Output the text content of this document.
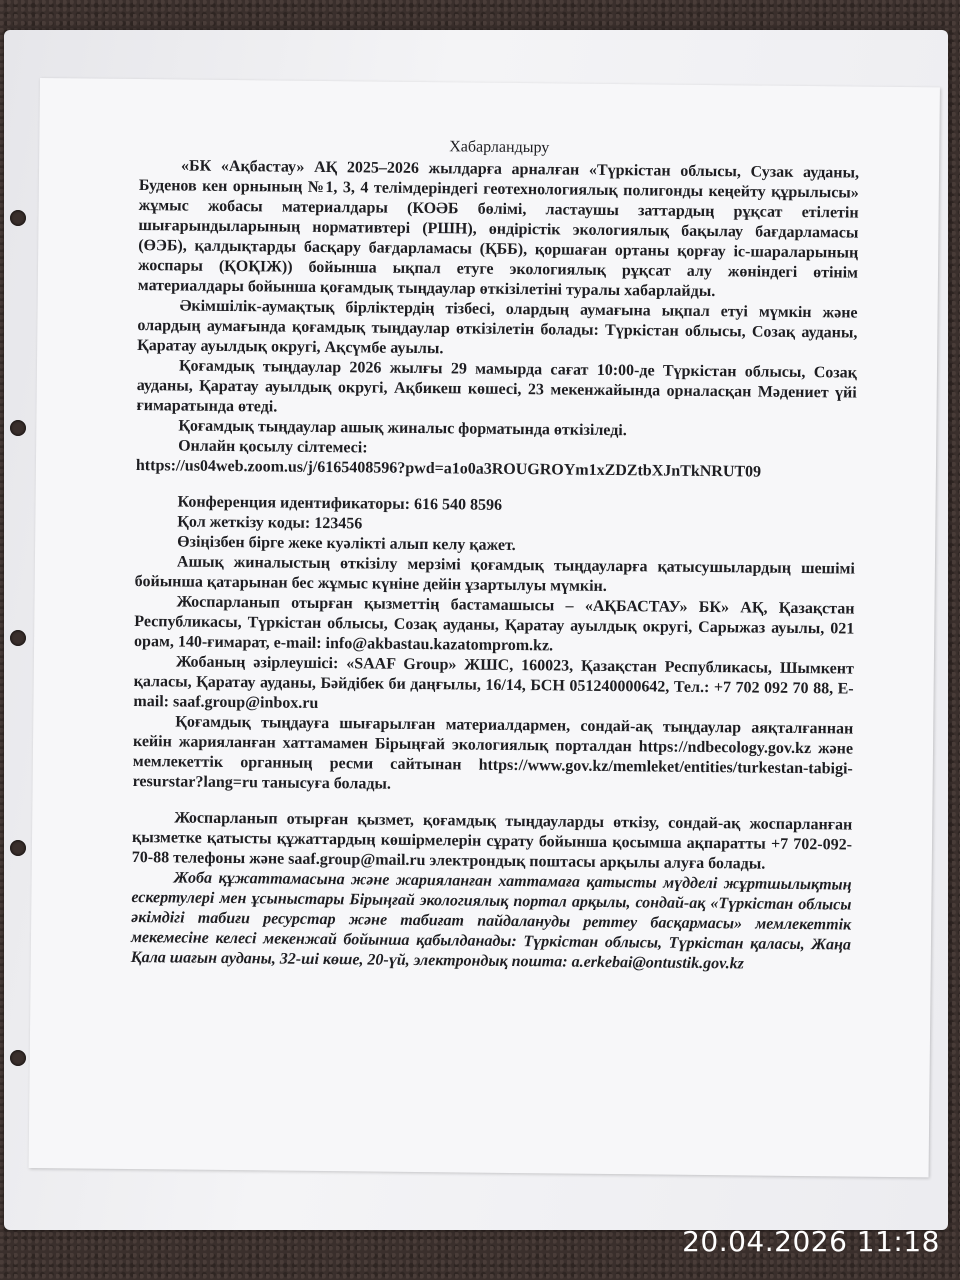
Хабарландыру

«БК «Ақбастау» АҚ 2025–2026 жылдарға арналған «Түркістан облысы, Сузак ауданы, Буденов кен орнының №1, 3, 4 телімдеріндегі геотехнологиялық полигонды кеңейту құрылысы» жұмыс жобасы материалдары (КОӘБ бөлімі, ластаушы заттардың рұқсат етілетін шығарындыларының нормативтері (РШН), өндірістік экологиялық бақылау бағдарламасы (ӨЭБ), қалдықтарды басқару бағдарламасы (ҚББ), қоршаған ортаны қорғау іс-шараларының жоспары (ҚОҚІЖ)) бойынша ықпал етуге экологиялық рұқсат алу жөніндегі өтінім материалдары бойынша қоғамдық тыңдаулар өткізілетіні туралы хабарлайды.

Әкімшілік-аумақтық бірліктердің тізбесі, олардың аумағына ықпал етуі мүмкін және олардың аумағында қоғамдық тыңдаулар өткізілетін болады: Түркістан облысы, Созақ ауданы, Қаратау ауылдық округі, Ақсүмбе ауылы.

Қоғамдық тыңдаулар 2026 жылғы 29 мамырда сағат 10:00-де Түркістан облысы, Созақ ауданы, Қаратау ауылдық округі, Ақбикеш көшесі, 23 мекенжайында орналасқан Мәдениет үйі ғимаратында өтеді.

Қоғамдық тыңдаулар ашық жиналыс форматында өткізіледі.

Онлайн қосылу сілтемесі:

https://us04web.zoom.us/j/6165408596?pwd=a1o0a3ROUGROYm1xZDZtbXJnTkNRUT09

Конференция идентификаторы: 616 540 8596

Қол жеткізу коды: 123456

Өзіңізбен бірге жеке куәлікті алып келу қажет.

Ашық жиналыстың өткізілу мерзімі қоғамдық тыңдауларға қатысушылардың шешімі бойынша қатарынан бес жұмыс күніне дейін ұзартылуы мүмкін.

Жоспарланып отырған қызметтің бастамашысы – «АҚБАСТАУ» БК» АҚ, Қазақстан Республикасы, Түркістан облысы, Созақ ауданы, Қаратау ауылдық округі, Сарыжаз ауылы, 021 орам, 140-ғимарат, e-mail: info@akbastau.kazatomprom.kz.

Жобаның әзірлеушісі: «SAAF Group» ЖШС, 160023, Қазақстан Республикасы, Шымкент қаласы, Қаратау ауданы, Бәйдібек би даңғылы, 16/14, БСН 051240000642, Тел.: +7 702 092 70 88, E-mail: saaf.group@inbox.ru

Қоғамдық тыңдауға шығарылған материалдармен, сондай-ақ тыңдаулар аяқталғаннан кейін жарияланған хаттамамен Бірыңғай экологиялық порталдан https://ndbecology.gov.kz және мемлекеттік органның ресми сайтынан https://www.gov.kz/memleket/entities/turkestan-tabigi-resurstar?lang=ru танысуға болады.

Жоспарланып отырған қызмет, қоғамдық тыңдауларды өткізу, сондай-ақ жоспарланған қызметке қатысты құжаттардың көшірмелерін сұрату бойынша қосымша ақпаратты +7 702-092-70-88 телефоны және saaf.group@mail.ru электрондық поштасы арқылы алуға болады.

Жоба құжаттамасына және жарияланған хаттамаға қатысты мүдделі жұртшылықтың ескертулері мен ұсыныстары Бірыңғай экологиялық портал арқылы, сондай-ақ «Түркістан облысы әкімдігі табиғи ресурстар және табиғат пайдалануды реттеу басқармасы» мемлекеттік мекемесіне келесі мекенжай бойынша қабылданады: Түркістан облысы, Түркістан қаласы, Жаңа Қала шағын ауданы, 32-ші көше, 20-үй, электрондық пошта: a.erkebai@ontustik.gov.kz

20.04.2026 11:18
